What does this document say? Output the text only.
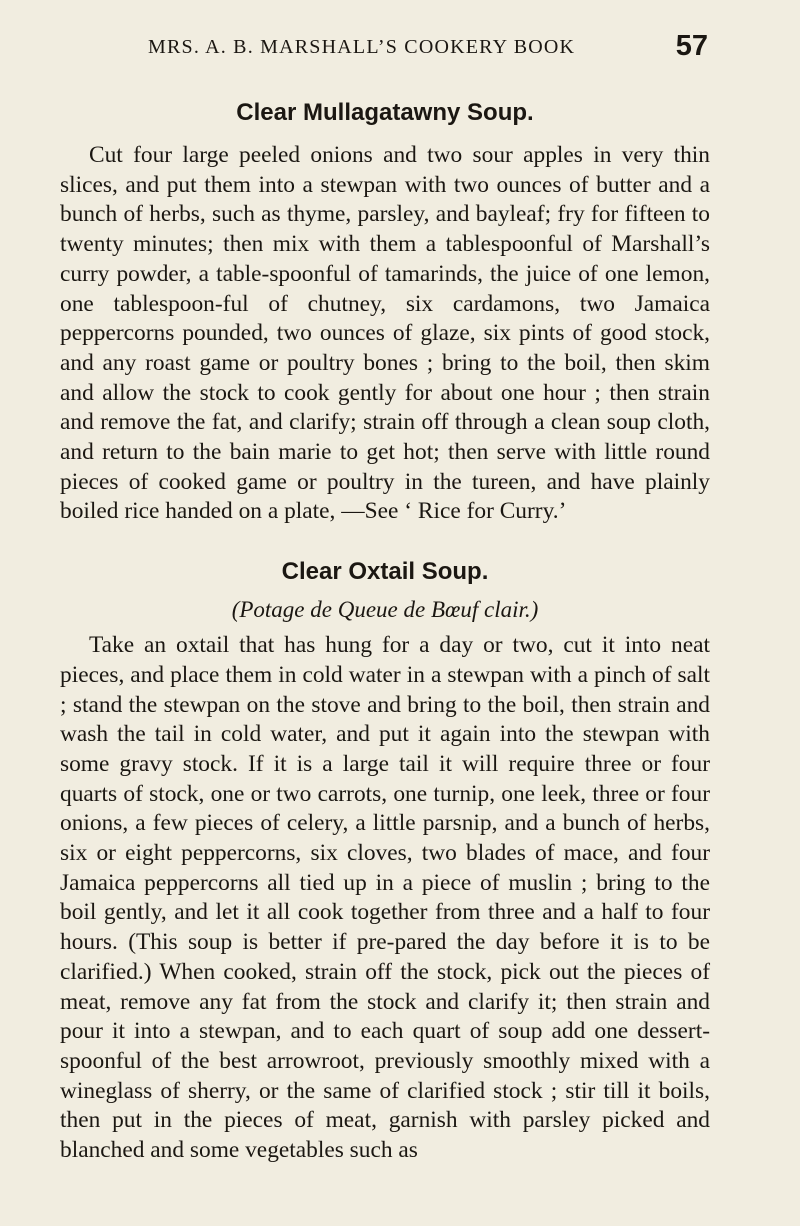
MRS. A. B. MARSHALL’S COOKERY BOOK	57
Clear Mullagatawny Soup.

Cut four large peeled onions and two sour apples in very thin slices, and put them into a stewpan with two ounces of butter and a bunch of herbs, such as thyme, parsley, and bayleaf; fry for fifteen to twenty minutes; then mix with them a tablespoonful of Marshall’s curry powder, a table-spoonful of tamarinds, the juice of one lemon, one tablespoon-ful of chutney, six cardamons, two Jamaica peppercorns pounded, two ounces of glaze, six pints of good stock, and any roast game or poultry bones ; bring to the boil, then skim and allow the stock to cook gently for about one hour ; then strain and remove the fat, and clarify; strain off through a clean soup cloth, and return to the bain marie to get hot; then serve with little round pieces of cooked game or poultry in the tureen, and have plainly boiled rice handed on a plate, —See ‘ Rice for Curry.’

Clear Oxtail Soup.

(Potage de Queue de Bœuf clair.)

Take an oxtail that has hung for a day or two, cut it into neat pieces, and place them in cold water in a stewpan with a pinch of salt ; stand the stewpan on the stove and bring to the boil, then strain and wash the tail in cold water, and put it again into the stewpan with some gravy stock. If it is a large tail it will require three or four quarts of stock, one or two carrots, one turnip, one leek, three or four onions, a few pieces of celery, a little parsnip, and a bunch of herbs, six or eight peppercorns, six cloves, two blades of mace, and four Jamaica peppercorns all tied up in a piece of muslin ; bring to the boil gently, and let it all cook together from three and a half to four hours. (This soup is better if pre-pared the day before it is to be clarified.) When cooked, strain off the stock, pick out the pieces of meat, remove any fat from the stock and clarify it; then strain and pour it into a stewpan, and to each quart of soup add one dessert-spoonful of the best arrowroot, previously smoothly mixed with a wineglass of sherry, or the same of clarified stock ; stir till it boils, then put in the pieces of meat, garnish with parsley picked and blanched and some vegetables such as
